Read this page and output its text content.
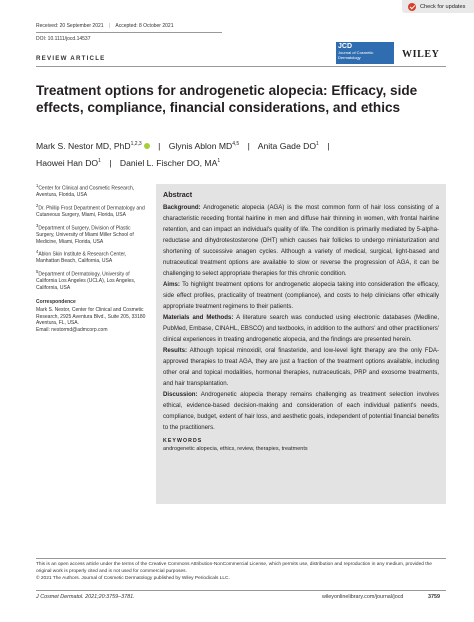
Check for updates
Received: 20 September 2021 | Accepted: 8 October 2021
DOI: 10.1111/jocd.14537
REVIEW ARTICLE
JCD
Journal of Cosmetic Dermatology	WILEY
Treatment options for androgenetic alopecia: Efficacy, side effects, compliance, financial considerations, and ethics
Mark S. Nestor MD, PhD$^{1,2,3}$ | Glynis Ablon MD$^{4,5}$ | Anita Gade $DO^1$ |
Haowei Han $DO^1$ | Daniel L. Fischer DO, $MA^1$

$^1$Center for Clinical and Cosmetic Research, Aventura, Florida, USA

$^2$Dr. Phillip Frost Department of Dermatology and Cutaneous Surgery, Miami, Florida, USA

$^3$Department of Surgery, Division of Plastic Surgery, University of Miami Miller School of Medicine, Miami, Florida, USA

$^4$Ablon Skin Institute & Research Center, Manhattan Beach, California, USA

$^5$Department of Dermatology, University of California Los Angeles (UCLA), Los Angeles, California, USA

Correspondence

Mark S. Nestor, Center for Clinical and Cosmetic Research, 2925 Aventura Blvd., Suite 205, 33180 Aventura, FL, USA.

Email: nestormd@admcorp.com

Abstract

Background: Androgenetic alopecia (AGA) is the most common form of hair loss consisting of a characteristic receding frontal hairline in men and diffuse hair thinning in women, with frontal hairline retention, and can impact an individual's quality of life. The condition is primarily mediated by 5-alpha-reductase and dihydrotestosterone (DHT) which causes hair follicles to undergo miniaturization and shortening of successive anagen cycles. Although a variety of medical, surgical, light-based and nutraceutical treatment options are available to slow or reverse the progression of AGA, it can be challenging to select appropriate therapies for this chronic condition.

Aims: To highlight treatment options for androgenetic alopecia taking into consideration the efficacy, side effect profiles, practicality of treatment (compliance), and costs to help clinicians offer ethically appropriate treatment regimens to their patients.

Materials and Methods: A literature search was conducted using electronic databases (Medline, PubMed, Embase, CINAHL, EBSCO) and textbooks, in addition to the authors' and other practitioners' clinical experiences in treating androgenetic alopecia, and the findings are presented herein.

Results: Although topical minoxidil, oral finasteride, and low-level light therapy are the only FDA-approved therapies to treat AGA, they are just a fraction of the treatment options available, including other oral and topical modalities, hormonal therapies, nutraceuticals, PRP and exosome treatments, and hair transplantation.

Discussion: Androgenetic alopecia therapy remains challenging as treatment selection involves ethical, evidence-based decision-making and consideration of each individual patient's needs, compliance, budget, extent of hair loss, and aesthetic goals, independent of potential financial benefits to the practitioners.

KEYWORDS
androgenetic alopecia, ethics, review, therapies, treatments
This is an open access article under the terms of the Creative Commons Attribution-NonCommercial License, which permits use, distribution and reproduction in any medium, provided the original work is properly cited and is not used for commercial purposes.
© 2021 The Authors. Journal of Cosmetic Dermatology published by Wiley Periodicals LLC.
J Cosmet Dermatol. 2021;20:3759–3781.	wileyonlinelibrary.com/journal/jocd	3759
